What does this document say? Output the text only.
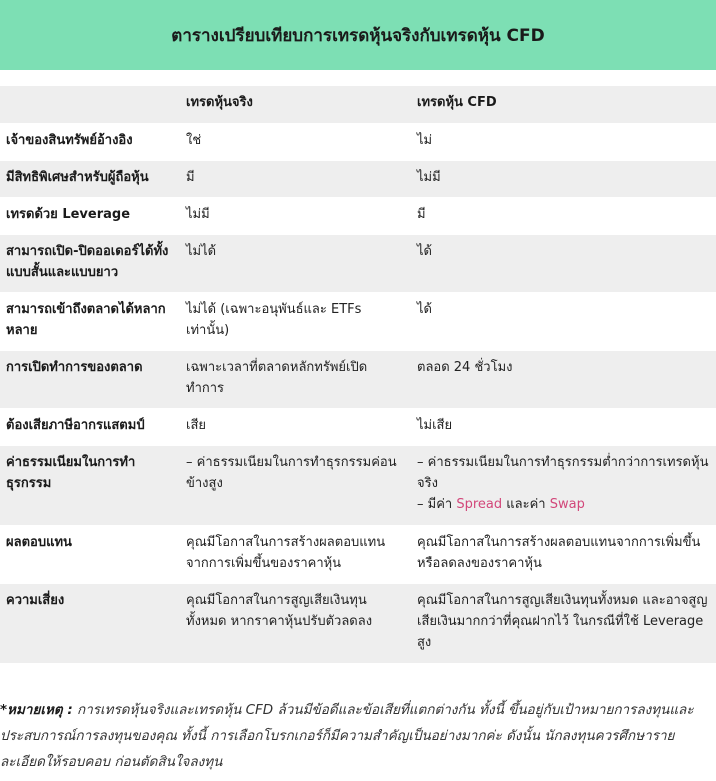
ตารางเปรียบเทียบการเทรดหุ้นจริงกับเทรดหุ้น CFD
	เทรดหุ้นจริง	เทรดหุ้น CFD
เจ้าของสินทรัพย์อ้างอิง	ใช่	ไม่
มีสิทธิพิเศษสำหรับผู้ถือหุ้น	มี	ไม่มี
เทรดด้วย Leverage	ไม่มี	มี
สามารถเปิด-ปิดออเดอร์ได้ทั้งแบบสั้นและแบบยาว	ไม่ได้	ได้
สามารถเข้าถึงตลาดได้หลากหลาย	ไม่ได้ (เฉพาะอนุพันธ์และ ETFs เท่านั้น)	ได้
การเปิดทำการของตลาด	เฉพาะเวลาที่ตลาดหลักทรัพย์เปิดทำการ	ตลอด 24 ชั่วโมง
ต้องเสียภาษีอากรแสตมป์	เสีย	ไม่เสีย
ค่าธรรมเนียมในการทำธุรกรรม	– ค่าธรรมเนียมในการทำธุรกรรมค่อนข้างสูง	– ค่าธรรมเนียมในการทำธุรกรรมต่ำกว่าการเทรดหุ้นจริง
– มีค่า Spread และค่า Swap

ผลตอบแทน	คุณมีโอกาสในการสร้างผลตอบแทนจากการเพิ่มขึ้นของราคาหุ้น	คุณมีโอกาสในการสร้างผลตอบแทนจากการเพิ่มขึ้นหรือลดลงของราคาหุ้น
ความเสี่ยง	คุณมีโอกาสในการสูญเสียเงินทุนทั้งหมด หากราคาหุ้นปรับตัวลดลง	คุณมีโอกาสในการสูญเสียเงินทุนทั้งหมด และอาจสูญเสียเงินมากกว่าที่คุณฝากไว้ ในกรณีที่ใช้ Leverage สูง

*หมายเหตุ : การเทรดหุ้นจริงและเทรดหุ้น CFD ล้วนมีข้อดีและข้อเสียที่แตกต่างกัน ทั้งนี้ ขึ้นอยู่กับเป้าหมายการลงทุนและประสบการณ์การลงทุนของคุณ ทั้งนี้ การเลือกโบรกเกอร์ก็มีความสำคัญเป็นอย่างมากค่ะ ดังนั้น นักลงทุนควรศึกษารายละเอียดให้รอบคอบ ก่อนตัดสินใจลงทุน
